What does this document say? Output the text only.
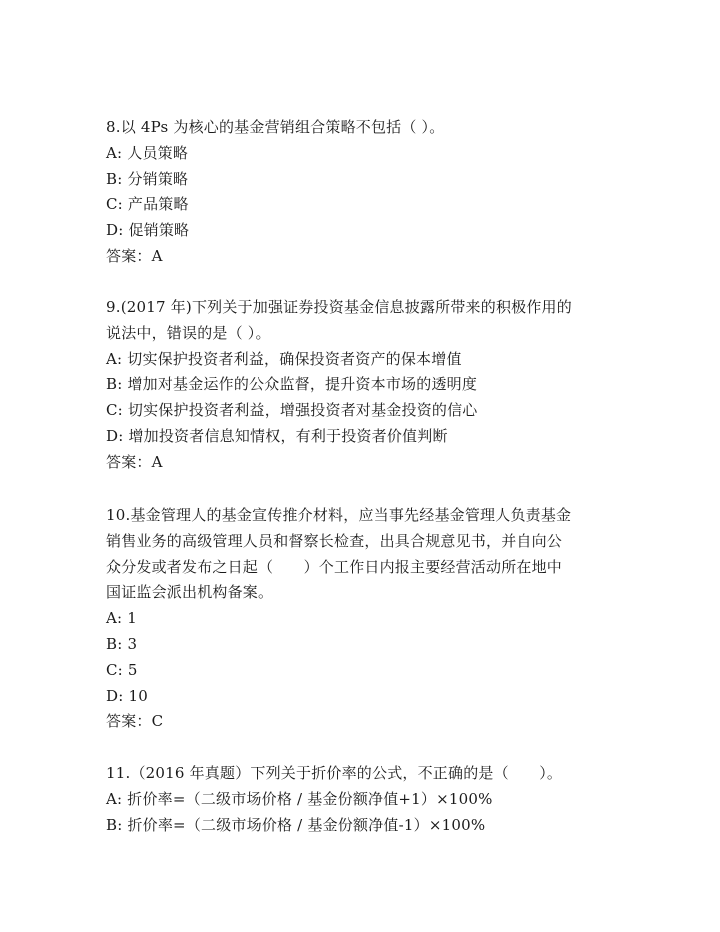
8.以 4Ps 为核心的基金营销组合策略不包括（ ）。
A: 人员策略
B: 分销策略
C: 产品策略
D: 促销策略
答案：A
9.(2017 年)下列关于加强证券投资基金信息披露所带来的积极作用的
说法中，错误的是（ ）。
A: 切实保护投资者利益，确保投资者资产的保本增值
B: 增加对基金运作的公众监督，提升资本市场的透明度
C: 切实保护投资者利益，增强投资者对基金投资的信心
D: 增加投资者信息知情权，有利于投资者价值判断
答案：A
10.基金管理人的基金宣传推介材料，应当事先经基金管理人负责基金
销售业务的高级管理人员和督察长检查，出具合规意见书，并自向公
众分发或者发布之日起（　　）个工作日内报主要经营活动所在地中
国证监会派出机构备案。
A: 1
B: 3
C: 5
D: 10
答案：C
11.（2016 年真题）下列关于折价率的公式，不正确的是（　　）。
A: 折价率=（二级市场价格 / 基金份额净值+1）×100%
B: 折价率=（二级市场价格 / 基金份额净值-1）×100%
